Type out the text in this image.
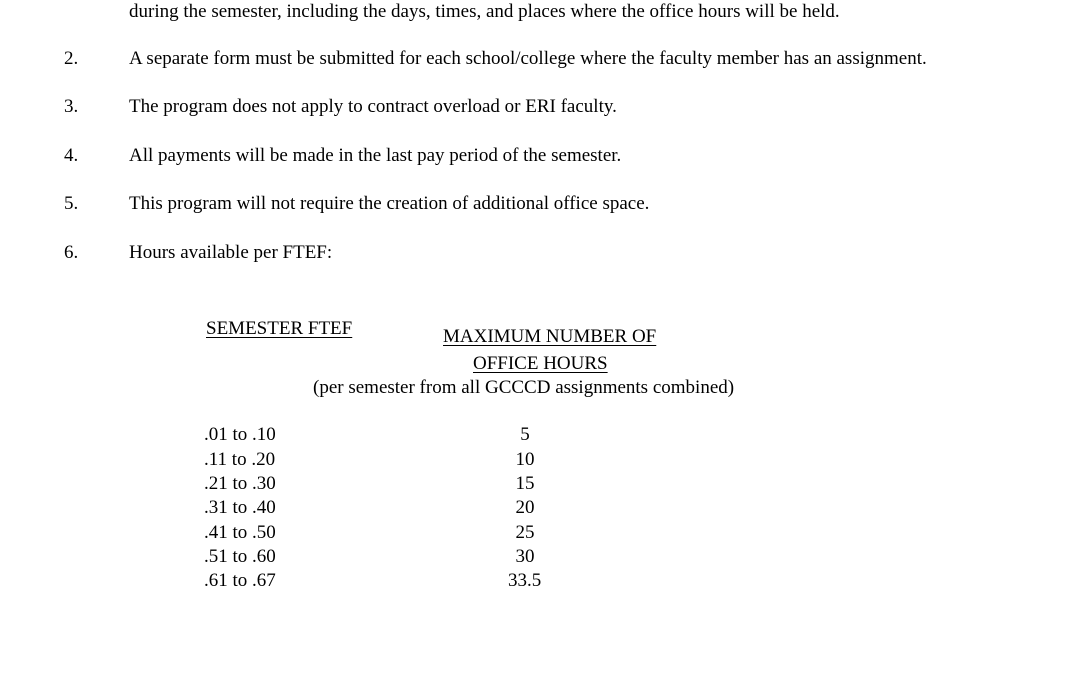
during the semester, including the days, times, and places where the office hours will be held.
2.	A separate form must be submitted for each school/college where the faculty member has an assignment.
3.	The program does not apply to contract overload or ERI faculty.
4.	All payments will be made in the last pay period of the semester.
5.	This program will not require the creation of additional office space.
6.	Hours available per FTEF:
SEMESTER FTEF	MAXIMUM NUMBER OF
OFFICE HOURS
(per semester from all GCCCD assignments combined)
.01 to .10	5
.11 to .20	10
.21 to .30	15
.31 to .40	20
.41 to .50	25
.51 to .60	30
.61 to .67	33.5
